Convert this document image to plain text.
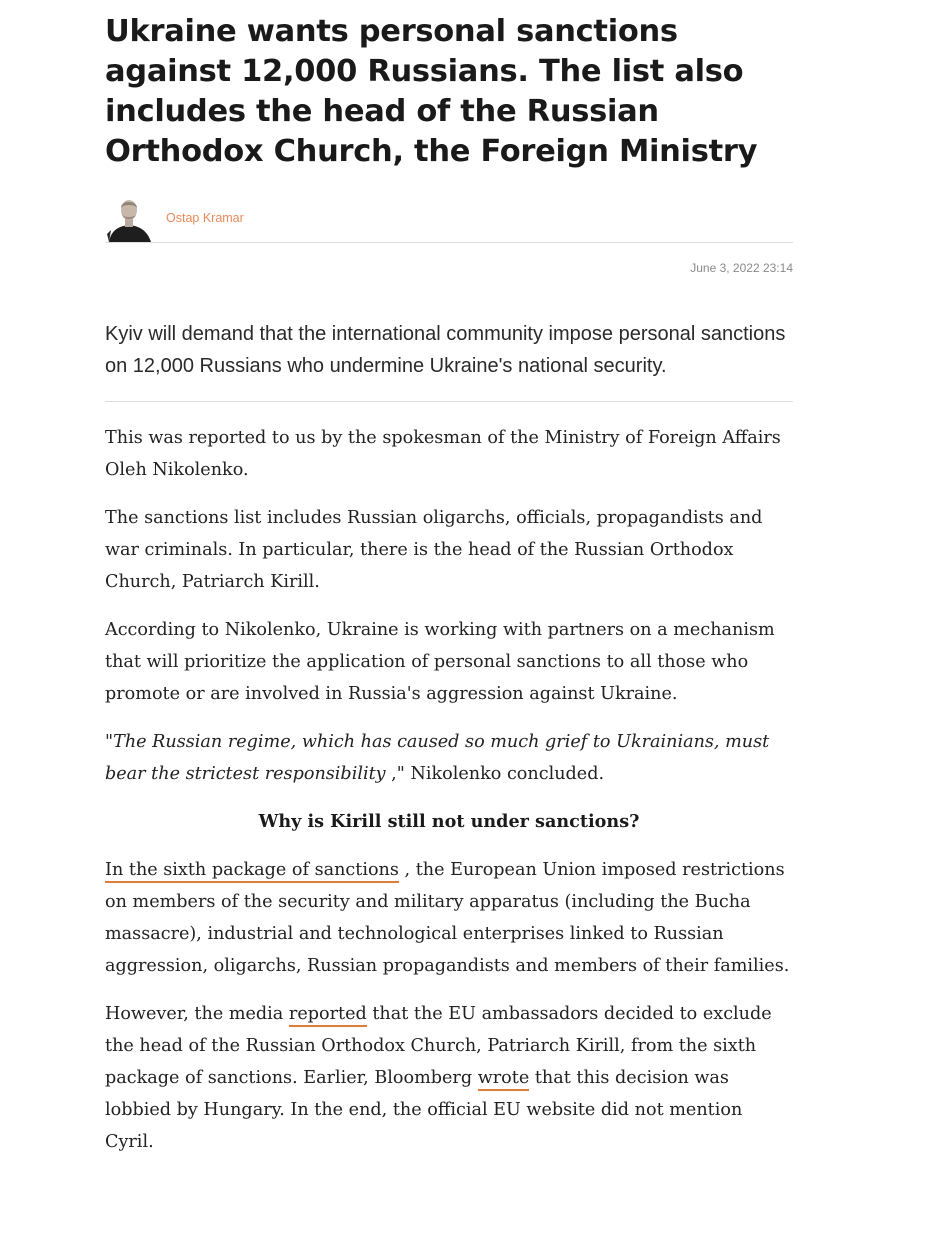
Ukraine wants personal sanctions against 12,000 Russians. The list also includes the head of the Russian Orthodox Church, the Foreign Ministry
Ostap Kramar
June 3, 2022 23:14

Kyiv will demand that the international community impose personal sanctions on 12,000 Russians who undermine Ukraine's national security.

This was reported to us by the spokesman of the Ministry of Foreign Affairs Oleh Nikolenko.

The sanctions list includes Russian oligarchs, officials, propagandists and war criminals. In particular, there is the head of the Russian Orthodox Church, Patriarch Kirill.

According to Nikolenko, Ukraine is working with partners on a mechanism that will prioritize the application of personal sanctions to all those who promote or are involved in Russia's aggression against Ukraine.

"The Russian regime, which has caused so much grief to Ukrainians, must bear the strictest responsibility ," Nikolenko concluded.

Why is Kirill still not under sanctions?

In the sixth package of sanctions , the European Union imposed restrictions on members of the security and military apparatus (including the Bucha massacre), industrial and technological enterprises linked to Russian aggression, oligarchs, Russian propagandists and members of their families.

However, the media reported that the EU ambassadors decided to exclude the head of the Russian Orthodox Church, Patriarch Kirill, from the sixth package of sanctions. Earlier, Bloomberg wrote that this decision was lobbied by Hungary. In the end, the official EU website did not mention Cyril.
